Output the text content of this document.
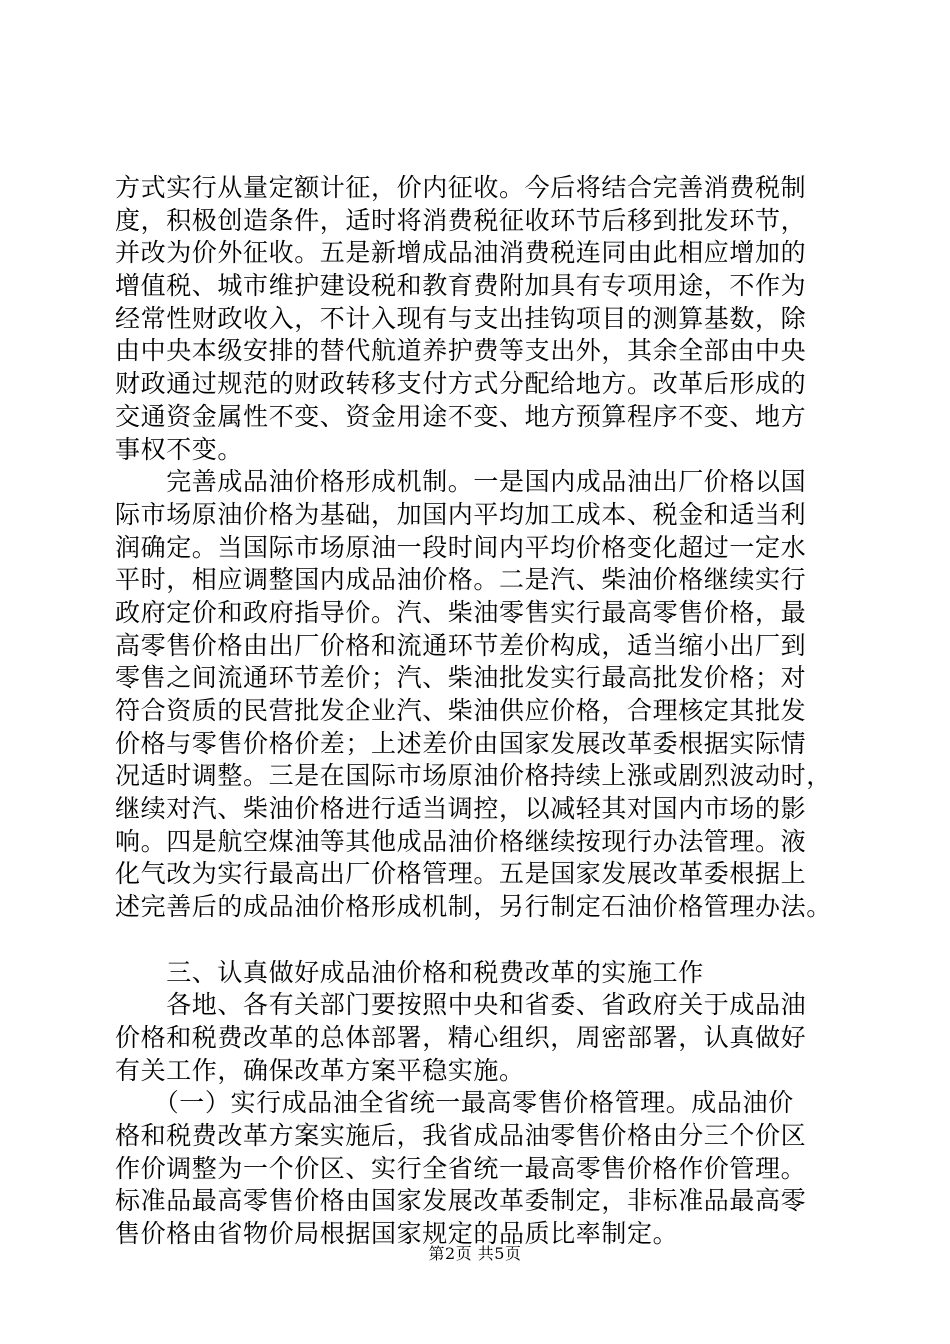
方式实行从量定额计征，价内征收。今后将结合完善消费税制
度，积极创造条件，适时将消费税征收环节后移到批发环节，
并改为价外征收。五是新增成品油消费税连同由此相应增加的
增值税、城市维护建设税和教育费附加具有专项用途，不作为
经常性财政收入，不计入现有与支出挂钩项目的测算基数，除
由中央本级安排的替代航道养护费等支出外，其余全部由中央
财政通过规范的财政转移支付方式分配给地方。改革后形成的
交通资金属性不变、资金用途不变、地方预算程序不变、地方
事权不变。
　　完善成品油价格形成机制。一是国内成品油出厂价格以国
际市场原油价格为基础，加国内平均加工成本、税金和适当利
润确定。当国际市场原油一段时间内平均价格变化超过一定水
平时，相应调整国内成品油价格。二是汽、柴油价格继续实行
政府定价和政府指导价。汽、柴油零售实行最高零售价格，最
高零售价格由出厂价格和流通环节差价构成，适当缩小出厂到
零售之间流通环节差价；汽、柴油批发实行最高批发价格；对
符合资质的民营批发企业汽、柴油供应价格，合理核定其批发
价格与零售价格价差；上述差价由国家发展改革委根据实际情
况适时调整。三是在国际市场原油价格持续上涨或剧烈波动时，
继续对汽、柴油价格进行适当调控，以减轻其对国内市场的影
响。四是航空煤油等其他成品油价格继续按现行办法管理。液
化气改为实行最高出厂价格管理。五是国家发展改革委根据上
述完善后的成品油价格形成机制，另行制定石油价格管理办法。
　　三、认真做好成品油价格和税费改革的实施工作
　　各地、各有关部门要按照中央和省委、省政府关于成品油
价格和税费改革的总体部署，精心组织，周密部署，认真做好
有关工作，确保改革方案平稳实施。
　　（一）实行成品油全省统一最高零售价格管理。成品油价
格和税费改革方案实施后，我省成品油零售价格由分三个价区
作价调整为一个价区、实行全省统一最高零售价格作价管理。
标准品最高零售价格由国家发展改革委制定，非标准品最高零
售价格由省物价局根据国家规定的品质比率制定。
第2页 共5页
